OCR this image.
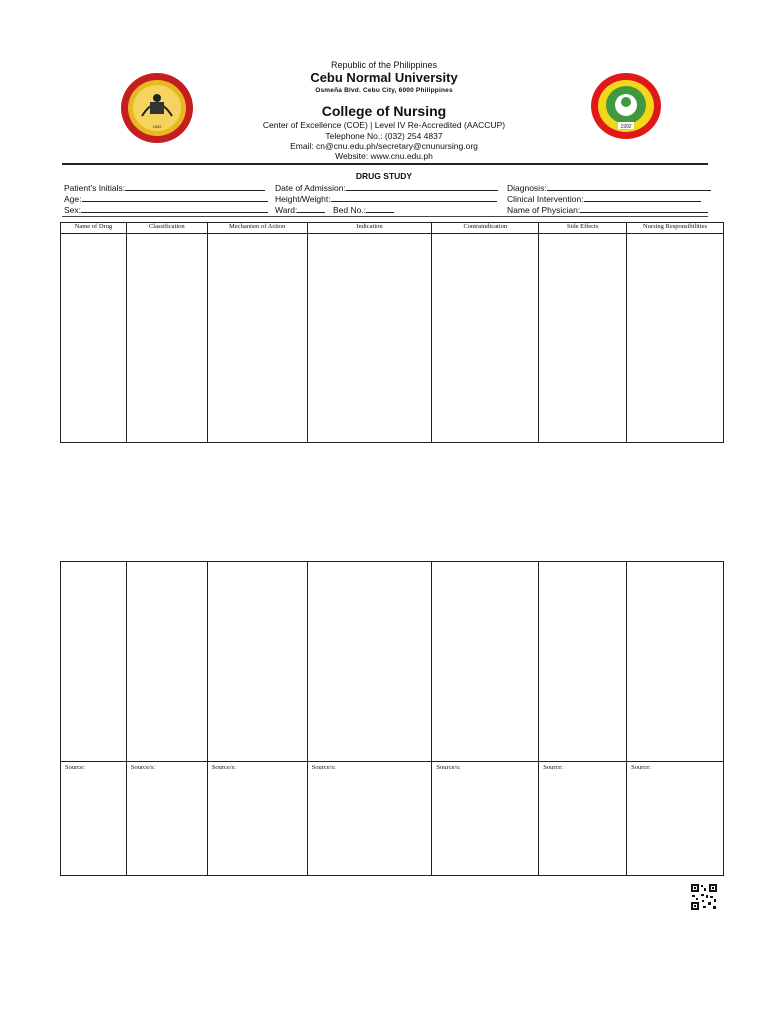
1902	1992
Republic of the Philippines
Cebu Normal University
Osmeña Blvd. Cebu City, 6000 Philippines
College of Nursing
Center of Excellence (COE) | Level IV Re-Accredited (AACCUP)
Telephone No.: (032) 254 4837
Email: cn@cnu.edu.ph/secretary@cnunursing.org
Website: www.cnu.edu.ph
DRUG STUDY
Patient's Initials:	Date of Admission:	Diagnosis:
Age:	Height/Weight:	Clinical Intervention:
Sex:	Ward:	Bed No.:	Name of Physician:
Name of Drug	Classification	Mechanism of Action	Indication	Contraindication	Side Effects	Nursing Responsibilities

Source:	Source/s:	Source/s:	Source/s:	Source/s:	Source:	Source:
